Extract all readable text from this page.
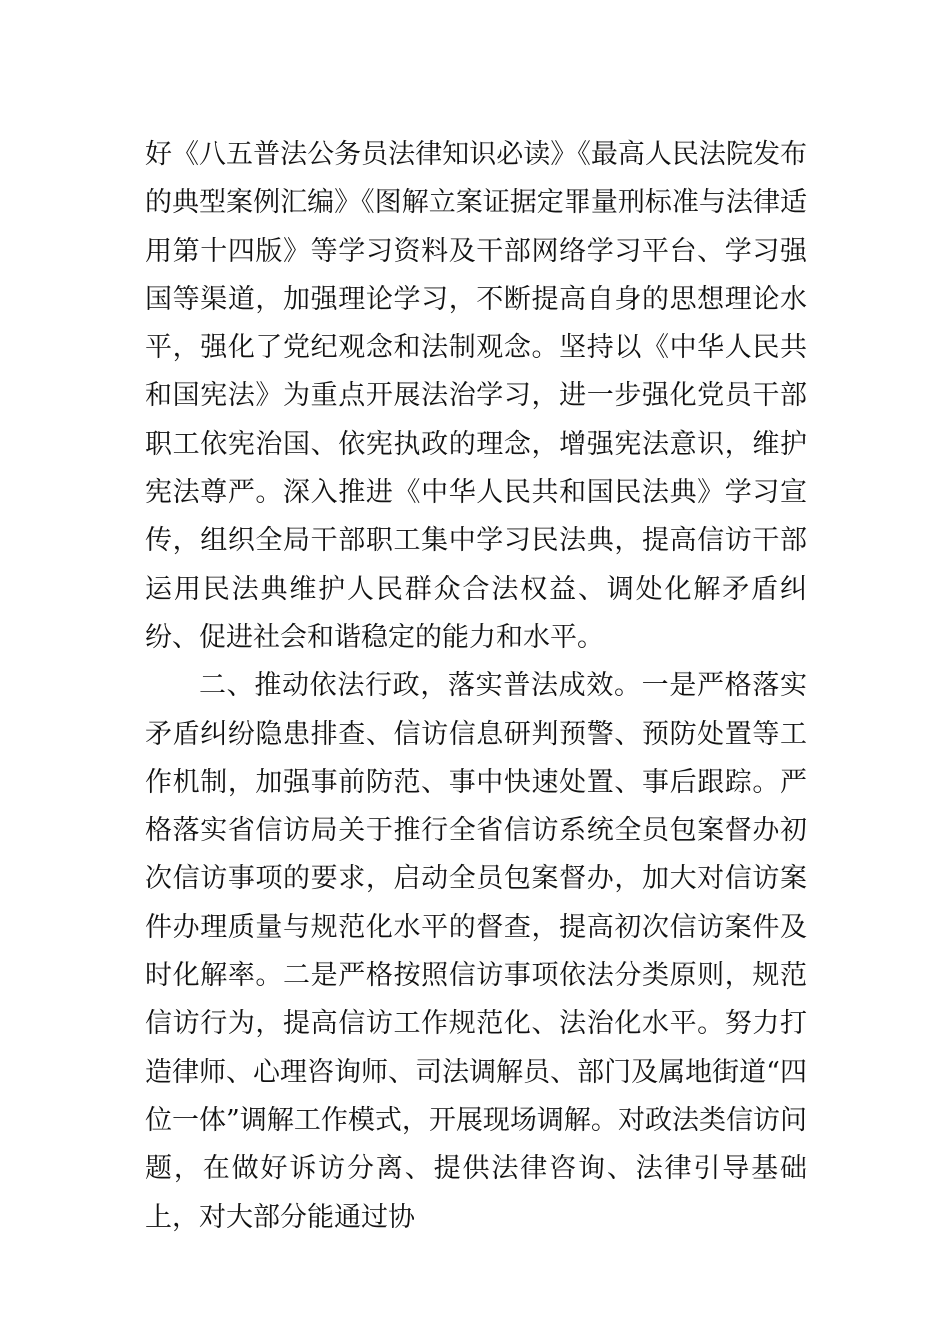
好《八五普法公务员法律知识必读》《最高人民法院发布的典型案例汇编》《图解立案证据定罪量刑标准与法律适用第十四版》等学习资料及干部网络学习平台、学习强国等渠道，加强理论学习，不断提高自身的思想理论水平，强化了党纪观念和法制观念。坚持以《中华人民共和国宪法》为重点开展法治学习，进一步强化党员干部职工依宪治国、依宪执政的理念，增强宪法意识，维护宪法尊严。深入推进《中华人民共和国民法典》学习宣传，组织全局干部职工集中学习民法典，提高信访干部运用民法典维护人民群众合法权益、调处化解矛盾纠纷、促进社会和谐稳定的能力和水平。

二、推动依法行政，落实普法成效。一是严格落实矛盾纠纷隐患排查、信访信息研判预警、预防处置等工作机制，加强事前防范、事中快速处置、事后跟踪。严格落实省信访局关于推行全省信访系统全员包案督办初次信访事项的要求，启动全员包案督办，加大对信访案件办理质量与规范化水平的督查，提高初次信访案件及时化解率。二是严格按照信访事项依法分类原则，规范信访行为，提高信访工作规范化、法治化水平。努力打造律师、心理咨询师、司法调解员、部门及属地街道“四位一体”调解工作模式，开展现场调解。对政法类信访问题，在做好诉访分离、提供法律咨询、法律引导基础上，对大部分能通过协
